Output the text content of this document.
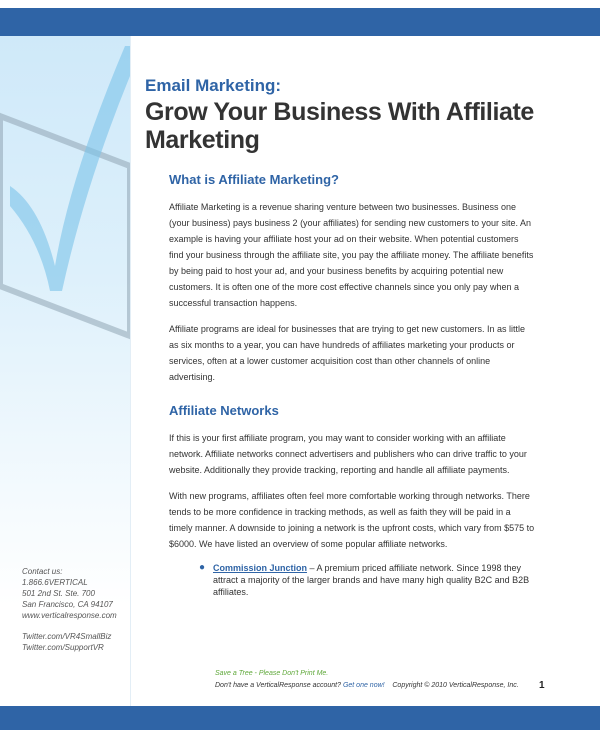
Contact us:
1.866.6VERTICAL
501 2nd St. Ste. 700
San Francisco, CA 94107
www.verticalresponse.com
Twitter.com/VR4SmallBiz
Twitter.com/SupportVR
Email Marketing:
Grow Your Business With Affiliate
Marketing
What is Affiliate Marketing?

Affiliate Marketing is a revenue sharing venture between two businesses. Business one (your business) pays business 2 (your affiliates) for sending new customers to your site. An example is having your affiliate host your ad on their website. When potential customers find your business through the affiliate site, you pay the affiliate money. The affiliate benefits by being paid to host your ad, and your business benefits by acquiring potential new customers. It is often one of the more cost effective channels since you only pay when a successful transaction happens.

Affiliate programs are ideal for businesses that are trying to get new customers. In as little as six months to a year, you can have hundreds of affiliates marketing your products or services, often at a lower customer acquisition cost than other channels of online advertising.

Affiliate Networks

If this is your first affiliate program, you may want to consider working with an affiliate network. Affiliate networks connect advertisers and publishers who can drive traffic to your website. Additionally they provide tracking, reporting and handle all affiliate payments.

With new programs, affiliates often feel more comfortable working through networks. There tends to be more confidence in tracking methods, as well as faith they will be paid in a timely manner. A downside to joining a network is the upfront costs, which vary from $575 to $6000. We have listed an overview of some popular affiliate networks.

● Commission Junction – A premium priced affiliate network. Since 1998 they attract a majority of the larger brands and have many high quality B2C and B2B affiliates.
Save a Tree - Please Don't Print Me.
Don't have a VerticalResponse account? Get one now! Copyright © 2010 VerticalResponse, Inc.	1
